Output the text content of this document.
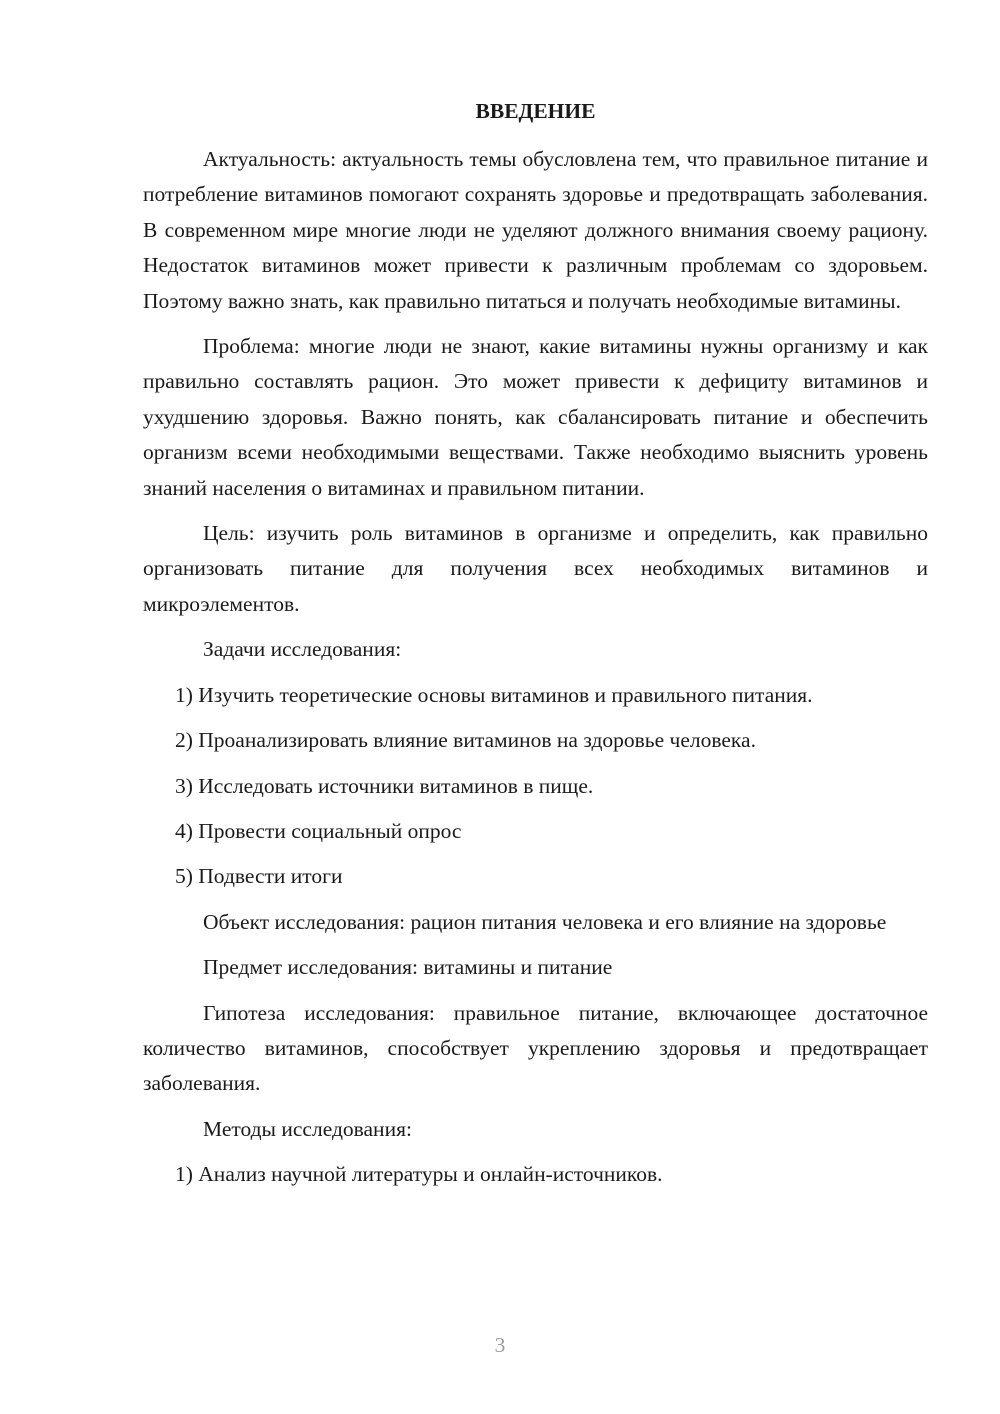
ВВЕДЕНИЕ

Актуальность: актуальность темы обусловлена тем, что правильное питание и потребление витаминов помогают сохранять здоровье и предотвращать заболевания. В современном мире многие люди не уделяют должного внимания своему рациону. Недостаток витаминов может привести к различным проблемам со здоровьем. Поэтому важно знать, как правильно питаться и получать необходимые витамины.

Проблема: многие люди не знают, какие витамины нужны организму и как правильно составлять рацион. Это может привести к дефициту витаминов и ухудшению здоровья. Важно понять, как сбалансировать питание и обеспечить организм всеми необходимыми веществами. Также необходимо выяснить уровень знаний населения о витаминах и правильном питании.

Цель: изучить роль витаминов в организме и определить, как правильно организовать питание для получения всех необходимых витаминов и микроэлементов.

Задачи исследования:

1) Изучить теоретические основы витаминов и правильного питания.

2) Проанализировать влияние витаминов на здоровье человека.

3) Исследовать источники витаминов в пище.

4) Провести социальный опрос

5) Подвести итоги

Объект исследования: рацион питания человека и его влияние на здоровье

Предмет исследования: витамины и питание

Гипотеза исследования: правильное питание, включающее достаточное количество витаминов, способствует укреплению здоровья и предотвращает заболевания.

Методы исследования:

1) Анализ научной литературы и онлайн-источников.

3
